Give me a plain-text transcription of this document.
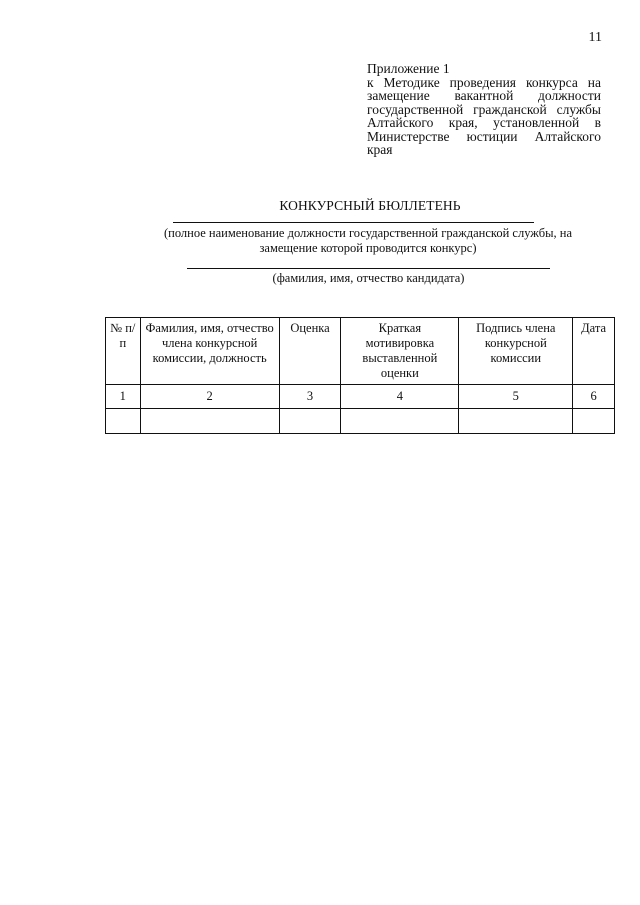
11
Приложение 1
к Методике проведения конкурса на замещение вакантной должности государственной гражданской службы Алтайского края, установленной в Министерстве юстиции Алтайского края
КОНКУРСНЫЙ БЮЛЛЕТЕНЬ
(полное наименование должности государственной гражданской службы, на замещение которой проводится конкурс)
(фамилия, имя, отчество кандидата)
№ п/п	Фамилия, имя, отчество члена конкурсной комиссии, должность	Оценка	Краткая мотивировка выставленной оценки	Подпись члена конкурсной комиссии	Дата
1	2	3	4	5	6
